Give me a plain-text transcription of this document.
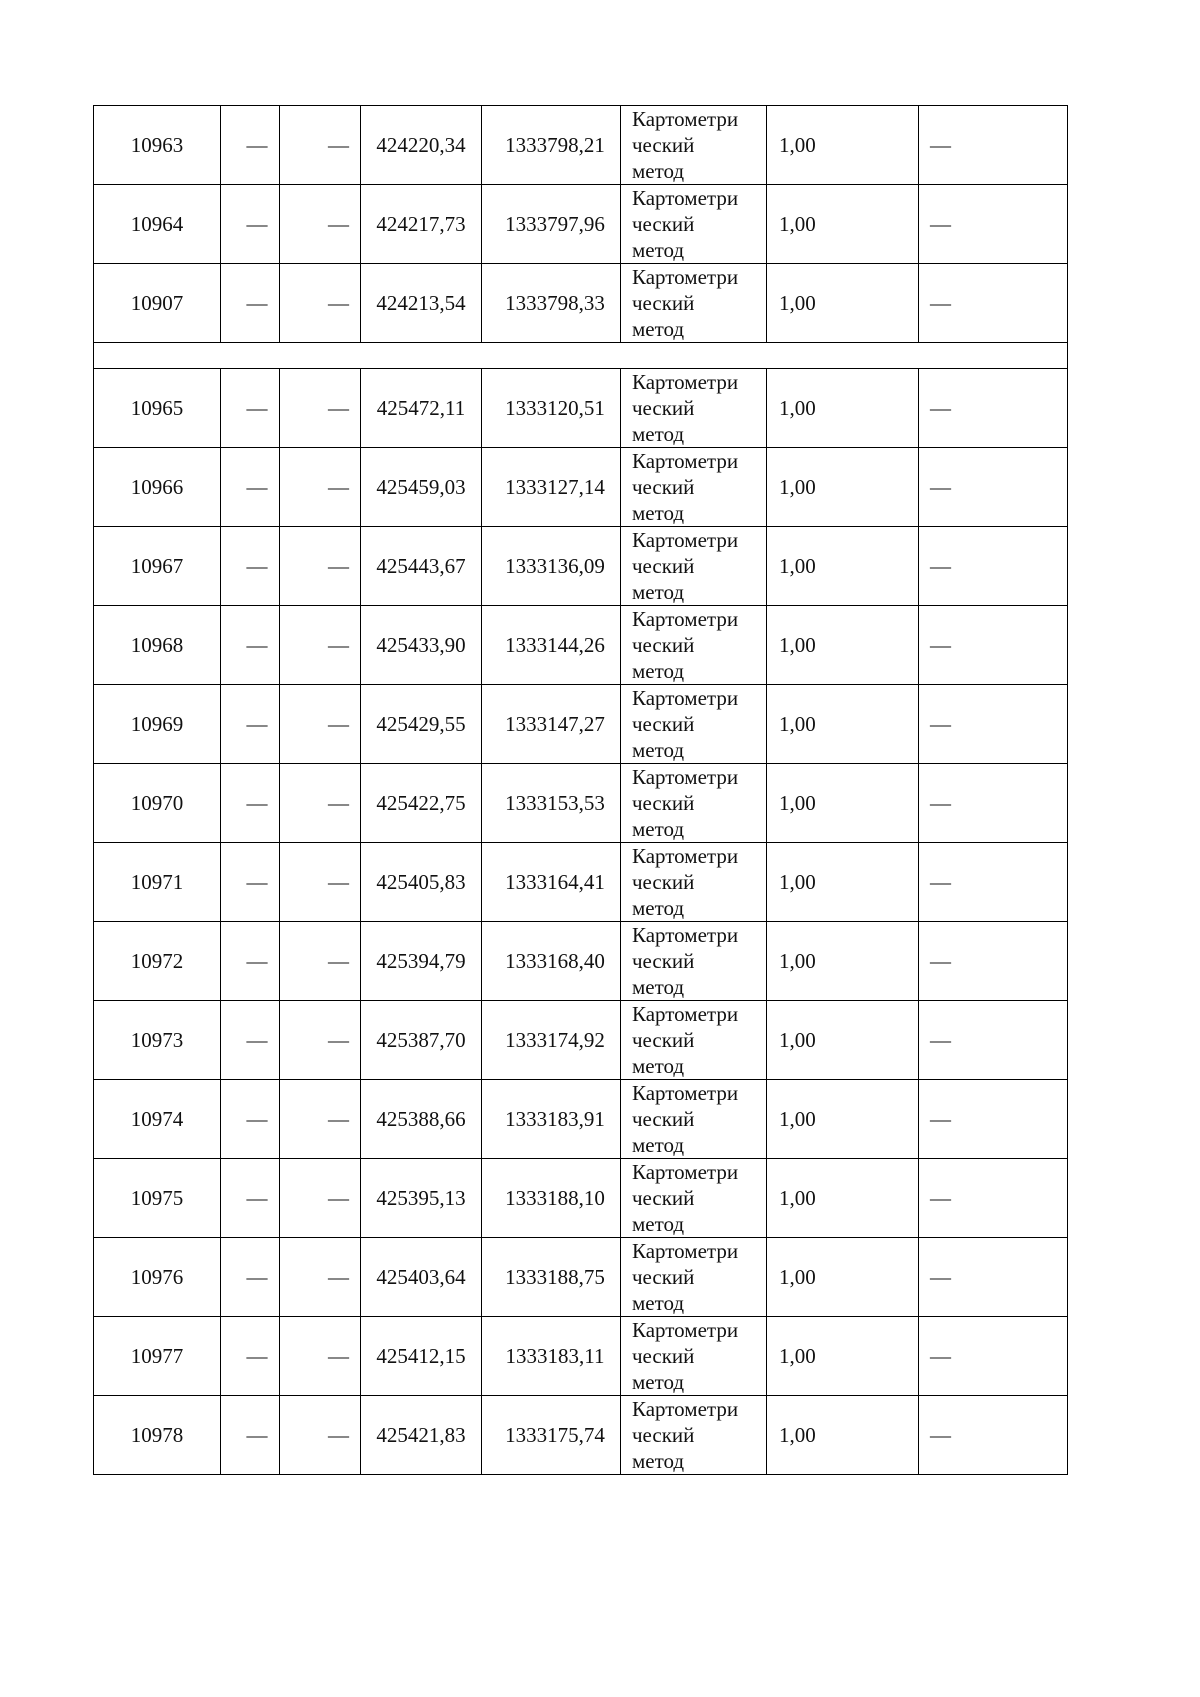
10963	—	—	424220,34	1333798,21	Картометри
ческий
метод	1,00	—
10964	—	—	424217,73	1333797,96	Картометри
ческий
метод	1,00	—
10907	—	—	424213,54	1333798,33	Картометри
ческий
метод	1,00	—

10965	—	—	425472,11	1333120,51	Картометри
ческий
метод	1,00	—
10966	—	—	425459,03	1333127,14	Картометри
ческий
метод	1,00	—
10967	—	—	425443,67	1333136,09	Картометри
ческий
метод	1,00	—
10968	—	—	425433,90	1333144,26	Картометри
ческий
метод	1,00	—
10969	—	—	425429,55	1333147,27	Картометри
ческий
метод	1,00	—
10970	—	—	425422,75	1333153,53	Картометри
ческий
метод	1,00	—
10971	—	—	425405,83	1333164,41	Картометри
ческий
метод	1,00	—
10972	—	—	425394,79	1333168,40	Картометри
ческий
метод	1,00	—
10973	—	—	425387,70	1333174,92	Картометри
ческий
метод	1,00	—
10974	—	—	425388,66	1333183,91	Картометри
ческий
метод	1,00	—
10975	—	—	425395,13	1333188,10	Картометри
ческий
метод	1,00	—
10976	—	—	425403,64	1333188,75	Картометри
ческий
метод	1,00	—
10977	—	—	425412,15	1333183,11	Картометри
ческий
метод	1,00	—
10978	—	—	425421,83	1333175,74	Картометри
ческий
метод	1,00	—
